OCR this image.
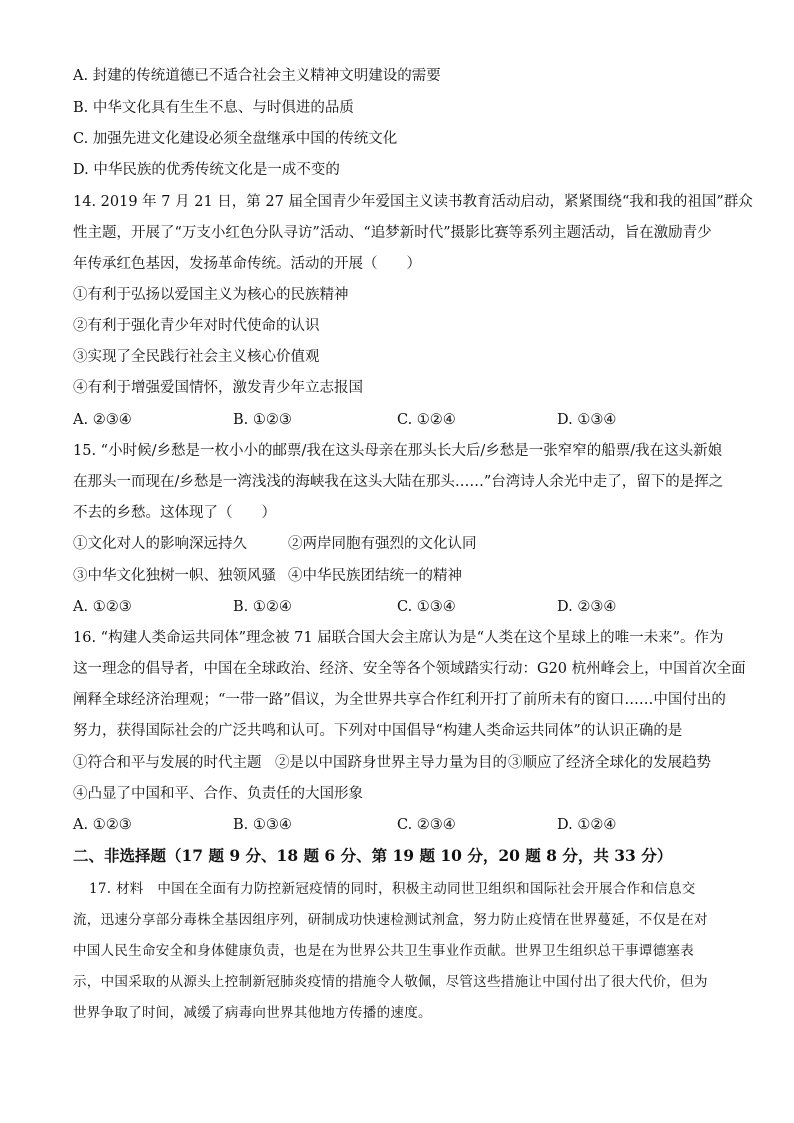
A. 封建的传统道德已不适合社会主义精神文明建设的需要
B. 中华文化具有生生不息、与时俱进的品质
C. 加强先进文化建设必须全盘继承中国的传统文化
D. 中华民族的优秀传统文化是一成不变的
14. 2019 年 7 月 21 日，第 27 届全国青少年爱国主义读书教育活动启动，紧紧围绕“我和我的祖国”群众
性主题，开展了“万支小红色分队寻访”活动、“追梦新时代”摄影比赛等系列主题活动，旨在激励青少
年传承红色基因，发扬革命传统。活动的开展（　　）
①有利于弘扬以爱国主义为核心的民族精神
②有利于强化青少年对时代使命的认识
③实现了全民践行社会主义核心价值观
④有利于增强爱国情怀，激发青少年立志报国
A. ②③④	B. ①②③	C. ①②④	D. ①③④
15. “小时候/乡愁是一枚小小的邮票/我在这头母亲在那头长大后/乡愁是一张窄窄的船票/我在这头新娘
在那头一而现在/乡愁是一湾浅浅的海峡我在这头大陆在那头……”台湾诗人余光中走了，留下的是挥之
不去的乡愁。这体现了（　　）
①文化对人的影响深远持久	②两岸同胞有强烈的文化认同
③中华文化独树一帜、独领风骚 ④中华民族团结统一的精神
A. ①②③	B. ①②④	C. ①③④	D. ②③④
16. “构建人类命运共同体”理念被 71 届联合国大会主席认为是“人类在这个星球上的唯一未来”。作为
这一理念的倡导者，中国在全球政治、经济、安全等各个领域踏实行动：G20 杭州峰会上，中国首次全面
阐释全球经济治理观；“一带一路”倡议，为全世界共享合作红利开打了前所未有的窗口……中国付出的
努力，获得国际社会的广泛共鸣和认可。下列对中国倡导“构建人类命运共同体”的认识正确的是
①符合和平与发展的时代主题 ②是以中国跻身世界主导力量为目的 ③顺应了经济全球化的发展趋势
④凸显了中国和平、合作、负责任的大国形象
A. ①②③	B. ①③④	C. ②③④	D. ①②④
二、非选择题（17 题 9 分、18 题 6 分、第 19 题 10 分，20 题 8 分，共 33 分）
17. 材料　中国在全面有力防控新冠疫情的同时，积极主动同世卫组织和国际社会开展合作和信息交
流，迅速分享部分毒株全基因组序列，研制成功快速检测试剂盒，努力防止疫情在世界蔓延，不仅是在对
中国人民生命安全和身体健康负责，也是在为世界公共卫生事业作贡献。世界卫生组织总干事谭德塞表
示，中国采取的从源头上控制新冠肺炎疫情的措施令人敬佩，尽管这些措施让中国付出了很大代价，但为
世界争取了时间，减缓了病毒向世界其他地方传播的速度。
